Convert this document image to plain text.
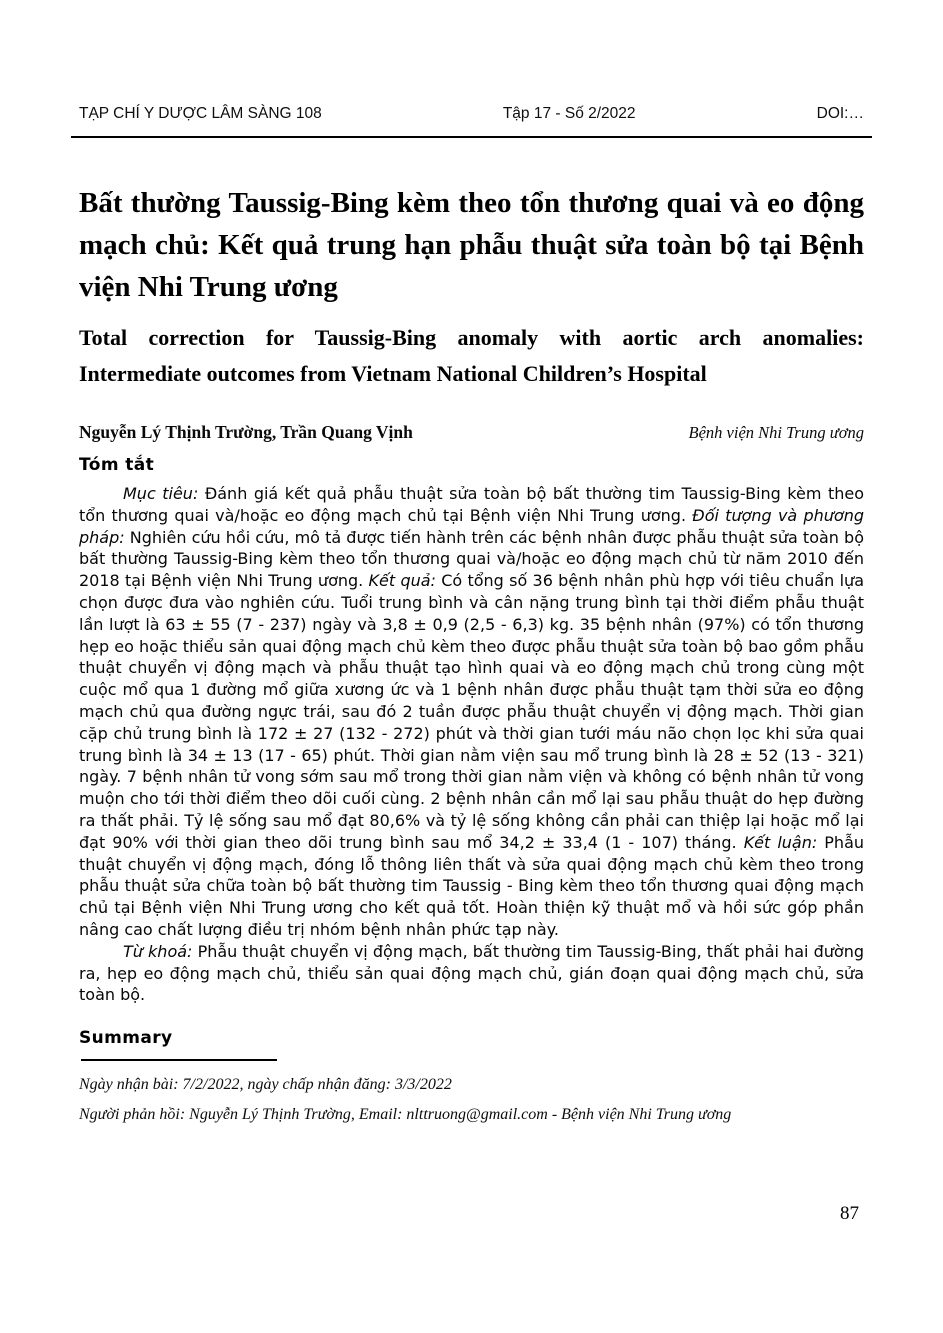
TẠP CHÍ Y DƯỢC LÂM SÀNG 108	Tập 17 - Số 2/2022	DOI:…
Bất thường Taussig-Bing kèm theo tổn thương quai và eo động mạch chủ: Kết quả trung hạn phẫu thuật sửa toàn bộ tại Bệnh viện Nhi Trung ương
Total correction for Taussig-Bing anomaly with aortic arch anomalies: Intermediate outcomes from Vietnam National Children’s Hospital
Nguyễn Lý Thịnh Trường, Trần Quang Vịnh	Bệnh viện Nhi Trung ương
Tóm tắt

Mục tiêu: Đánh giá kết quả phẫu thuật sửa toàn bộ bất thường tim Taussig-Bing kèm theo tổn thương quai và/hoặc eo động mạch chủ tại Bệnh viện Nhi Trung ương. Đối tượng và phương pháp: Nghiên cứu hồi cứu, mô tả được tiến hành trên các bệnh nhân được phẫu thuật sửa toàn bộ bất thường Taussig-Bing kèm theo tổn thương quai và/hoặc eo động mạch chủ từ năm 2010 đến 2018 tại Bệnh viện Nhi Trung ương. Kết quả: Có tổng số 36 bệnh nhân phù hợp với tiêu chuẩn lựa chọn được đưa vào nghiên cứu. Tuổi trung bình và cân nặng trung bình tại thời điểm phẫu thuật lần lượt là 63 ± 55 (7 - 237) ngày và 3,8 ± 0,9 (2,5 - 6,3) kg. 35 bệnh nhân (97%) có tổn thương hẹp eo hoặc thiểu sản quai động mạch chủ kèm theo được phẫu thuật sửa toàn bộ bao gồm phẫu thuật chuyển vị động mạch và phẫu thuật tạo hình quai và eo động mạch chủ trong cùng một cuộc mổ qua 1 đường mổ giữa xương ức và 1 bệnh nhân được phẫu thuật tạm thời sửa eo động mạch chủ qua đường ngực trái, sau đó 2 tuần được phẫu thuật chuyển vị động mạch. Thời gian cặp chủ trung bình là 172 ± 27 (132 - 272) phút và thời gian tưới máu não chọn lọc khi sửa quai trung bình là 34 ± 13 (17 - 65) phút. Thời gian nằm viện sau mổ trung bình là 28 ± 52 (13 - 321) ngày. 7 bệnh nhân tử vong sớm sau mổ trong thời gian nằm viện và không có bệnh nhân tử vong muộn cho tới thời điểm theo dõi cuối cùng. 2 bệnh nhân cần mổ lại sau phẫu thuật do hẹp đường ra thất phải. Tỷ lệ sống sau mổ đạt 80,6% và tỷ lệ sống không cần phải can thiệp lại hoặc mổ lại đạt 90% với thời gian theo dõi trung bình sau mổ 34,2 ± 33,4 (1 - 107) tháng. Kết luận: Phẫu thuật chuyển vị động mạch, đóng lỗ thông liên thất và sửa quai động mạch chủ kèm theo trong phẫu thuật sửa chữa toàn bộ bất thường tim Taussig - Bing kèm theo tổn thương quai động mạch chủ tại Bệnh viện Nhi Trung ương cho kết quả tốt. Hoàn thiện kỹ thuật mổ và hồi sức góp phần nâng cao chất lượng điều trị nhóm bệnh nhân phức tạp này.

Từ khoá: Phẫu thuật chuyển vị động mạch, bất thường tim Taussig-Bing, thất phải hai đường ra, hẹp eo động mạch chủ, thiểu sản quai động mạch chủ, gián đoạn quai động mạch chủ, sửa toàn bộ.

Summary

Ngày nhận bài: 7/2/2022, ngày chấp nhận đăng: 3/3/2022

Người phản hồi: Nguyễn Lý Thịnh Trường, Email: nlttruong@gmail.com - Bệnh viện Nhi Trung ương

87
